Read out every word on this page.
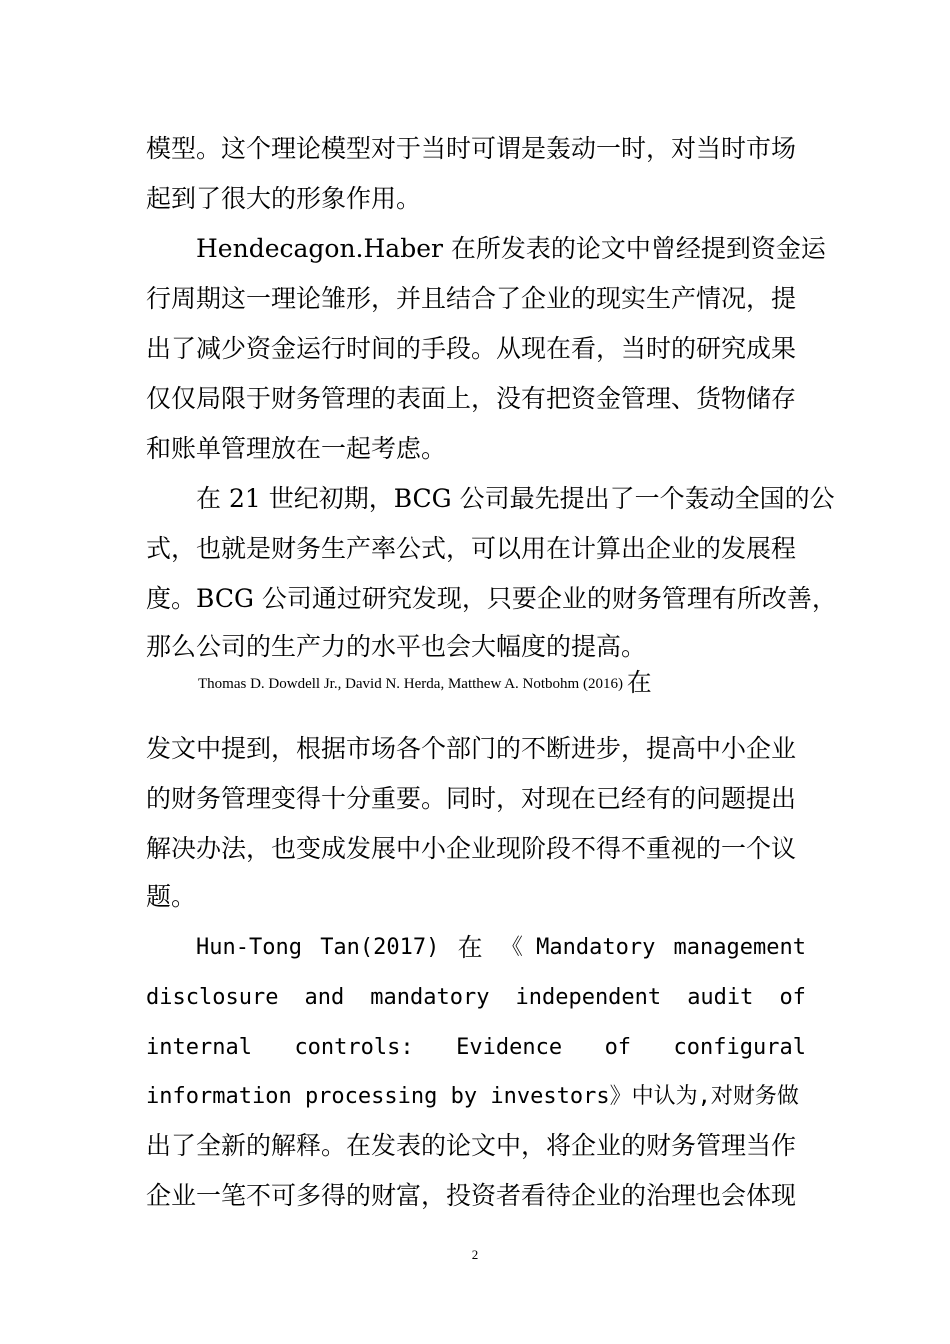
模型。这个理论模型对于当时可谓是轰动一时，对当时市场
起到了很大的形象作用。
Hendecagon.Haber 在所发表的论文中曾经提到资金运
行周期这一理论雏形，并且结合了企业的现实生产情况，提
出了减少资金运行时间的手段。从现在看，当时的研究成果
仅仅局限于财务管理的表面上，没有把资金管理、货物储存
和账单管理放在一起考虑。
在 21 世纪初期，BCG 公司最先提出了一个轰动全国的公
式，也就是财务生产率公式，可以用在计算出企业的发展程
度。BCG 公司通过研究发现，只要企业的财务管理有所改善，
那么公司的生产力的水平也会大幅度的提高。
Thomas D. Dowdell Jr., David N. Herda, Matthew A. Notbohm (2016) 在
发文中提到，根据市场各个部门的不断进步，提高中小企业
的财务管理变得十分重要。同时，对现在已经有的问题提出
解决办法，也变成发展中小企业现阶段不得不重视的一个议
题。
Hun-Tong Tan(2017) 在 《 Mandatory management
disclosure and mandatory independent audit of
internal controls: Evidence of configural
information processing by investors》中认为,对财务做
出了全新的解释。在发表的论文中，将企业的财务管理当作
企业一笔不可多得的财富，投资者看待企业的治理也会体现
2
